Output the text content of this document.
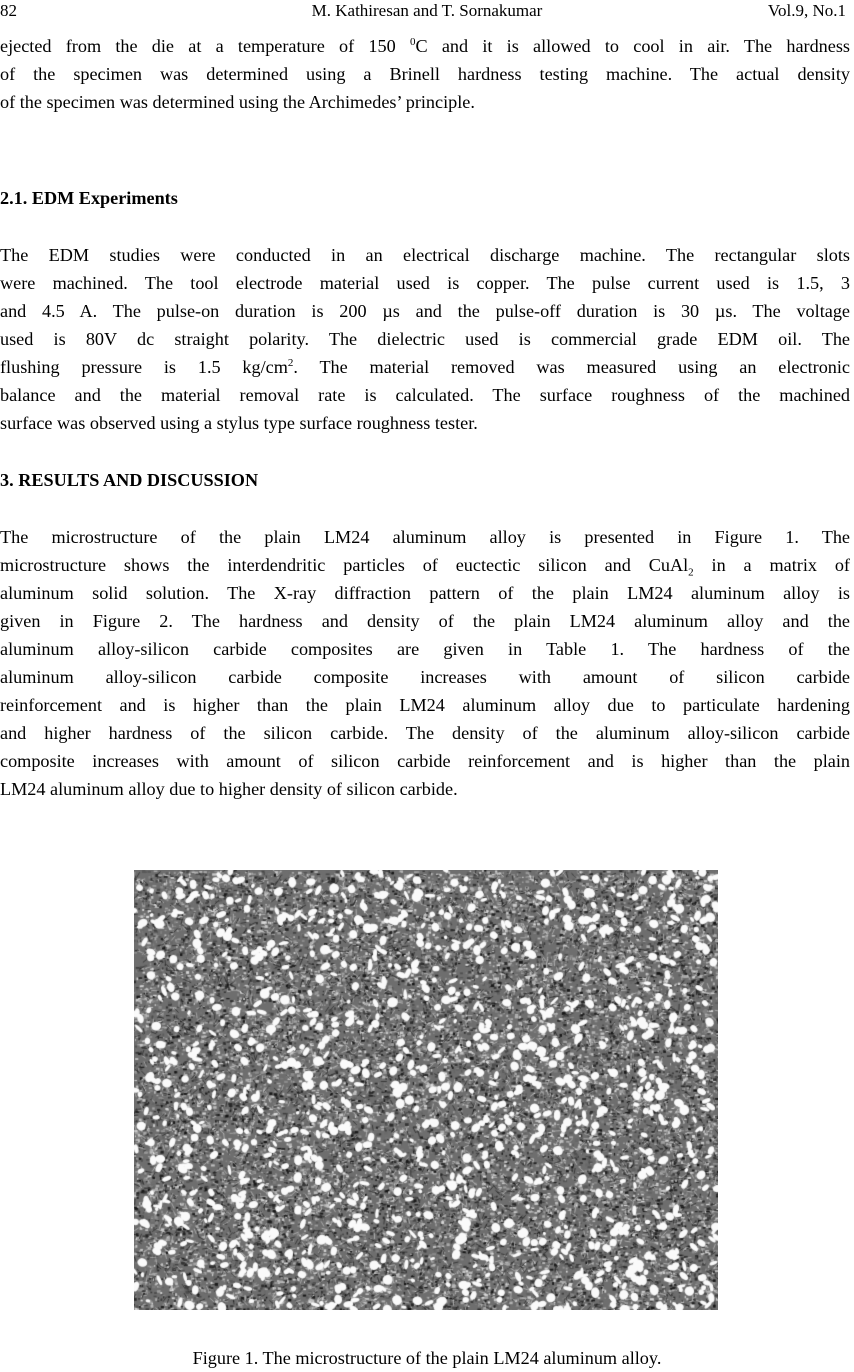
82	M. Kathiresan and T. Sornakumar	Vol.9, No.1
ejected from the die at a temperature of 150 $^0$C and it is allowed to cool in air. The hardness
of the specimen was determined using a Brinell hardness testing machine. The actual density
of the specimen was determined using the Archimedes’ principle.
2.1. EDM Experiments
The EDM studies were conducted in an electrical discharge machine. The rectangular slots
were machined. The tool electrode material used is copper. The pulse current used is 1.5, 3
and 4.5 A. The pulse-on duration is 200 µs and the pulse-off duration is 30 µs. The voltage
used is 80V dc straight polarity. The dielectric used is commercial grade EDM oil. The
flushing pressure is 1.5 $kg/cm^2$. The material removed was measured using an electronic
balance and the material removal rate is calculated. The surface roughness of the machined
surface was observed using a stylus type surface roughness tester.
3. RESULTS AND DISCUSSION
The microstructure of the plain LM24 aluminum alloy is presented in Figure 1. The
microstructure shows the interdendritic particles of euctectic silicon and CuAl$_2$ in a matrix of
aluminum solid solution. The X-ray diffraction pattern of the plain LM24 aluminum alloy is
given in Figure 2. The hardness and density of the plain LM24 aluminum alloy and the
aluminum alloy-silicon carbide composites are given in Table 1. The hardness of the
aluminum alloy-silicon carbide composite increases with amount of silicon carbide
reinforcement and is higher than the plain LM24 aluminum alloy due to particulate hardening
and higher hardness of the silicon carbide. The density of the aluminum alloy-silicon carbide
composite increases with amount of silicon carbide reinforcement and is higher than the plain
LM24 aluminum alloy due to higher density of silicon carbide.
Figure 1. The microstructure of the plain LM24 aluminum alloy.
